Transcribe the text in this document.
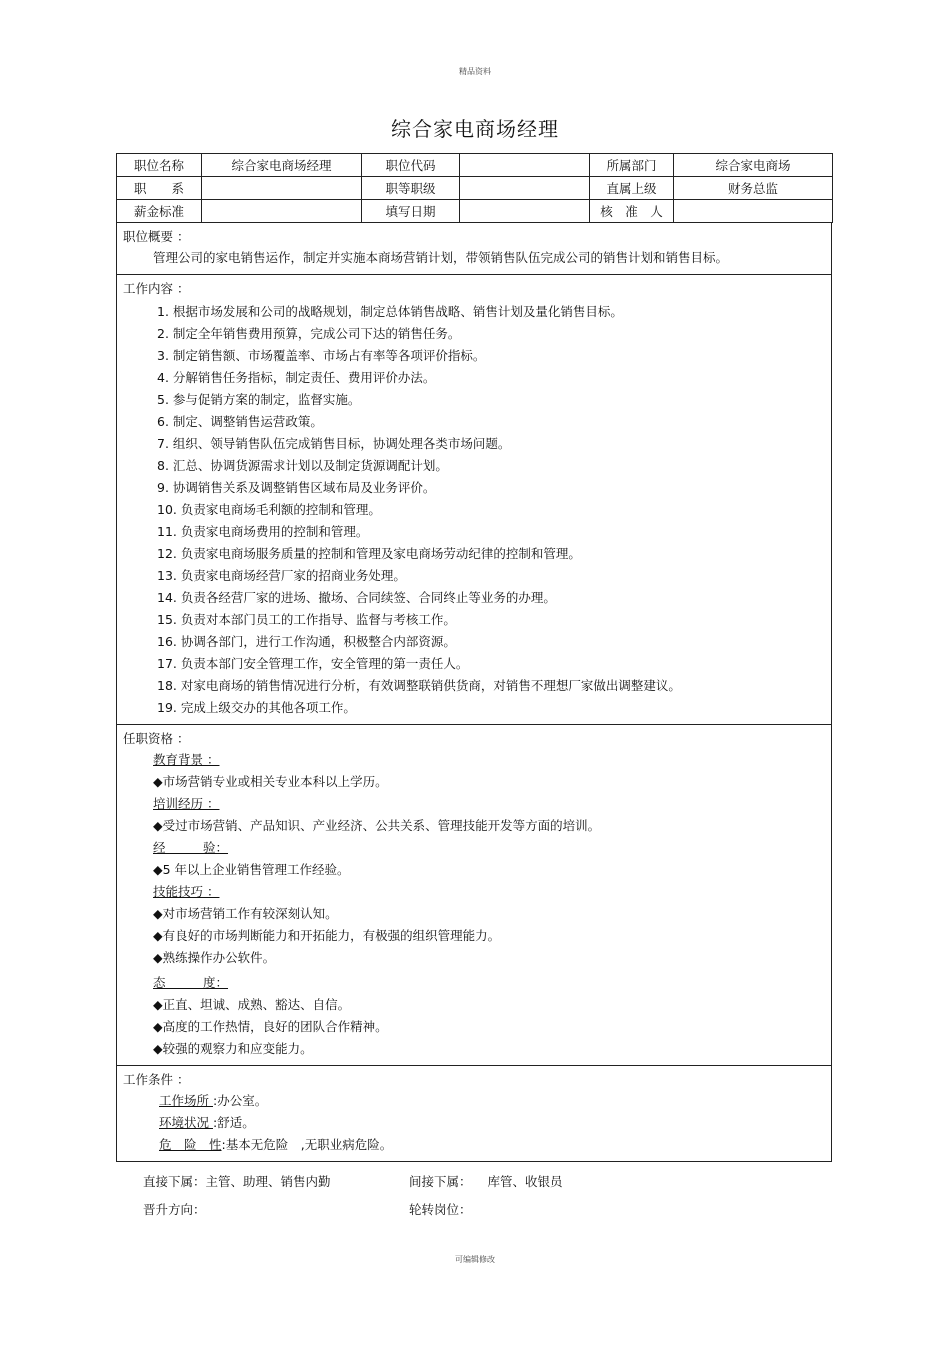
精品资料
综合家电商场经理
职位名称	综合家电商场经理	职位代码		所属部门	综合家电商场
职　　系		职等职级		直属上级	财务总监
薪金标准		填写日期		核　准　人	
职位概要 ：
管理公司的家电销售运作，制定并实施本商场营销计划，带领销售队伍完成公司的销售计划和销售目标。
工作内容 ：
1. 根据市场发展和公司的战略规划，制定总体销售战略、销售计划及量化销售目标。
2. 制定全年销售费用预算，完成公司下达的销售任务。
3. 制定销售额、市场覆盖率、市场占有率等各项评价指标。
4. 分解销售任务指标，制定责任、费用评价办法。
5. 参与促销方案的制定，监督实施。
6. 制定、调整销售运营政策。
7. 组织、领导销售队伍完成销售目标，协调处理各类市场问题。
8. 汇总、协调货源需求计划以及制定货源调配计划。
9. 协调销售关系及调整销售区域布局及业务评价。
10. 负责家电商场毛利额的控制和管理。
11. 负责家电商场费用的控制和管理。
12. 负责家电商场服务质量的控制和管理及家电商场劳动纪律的控制和管理。
13. 负责家电商场经营厂家的招商业务处理。
14. 负责各经营厂家的进场、撤场、合同续签、合同终止等业务的办理。
15. 负责对本部门员工的工作指导、监督与考核工作。
16. 协调各部门，进行工作沟通，积极整合内部资源。
17. 负责本部门安全管理工作，安全管理的第一责任人。
18. 对家电商场的销售情况进行分析，有效调整联销供货商，对销售不理想厂家做出调整建议。
19. 完成上级交办的其他各项工作。
任职资格 ：
教育背景 ：
◆市场营销专业或相关专业本科以上学历。
培训经历 ：
◆受过市场营销、产品知识、产业经济、公共关系、管理技能开发等方面的培训。
经　　　验：
◆5 年以上企业销售管理工作经验。
技能技巧 ：
◆对市场营销工作有较深刻认知。
◆有良好的市场判断能力和开拓能力，有极强的组织管理能力。
◆熟练操作办公软件。
态　　　度：
◆正直、坦诚、成熟、豁达、自信。
◆高度的工作热情，良好的团队合作精神。
◆较强的观察力和应变能力。
工作条件 ：
工作场所 :办公室。
环境状况 :舒适。
危　险　性:基本无危险　,无职业病危险。
直接下属：主管、助理、销售内勤	间接下属： 库管、收银员
晋升方向：	轮转岗位：
可编辑修改
